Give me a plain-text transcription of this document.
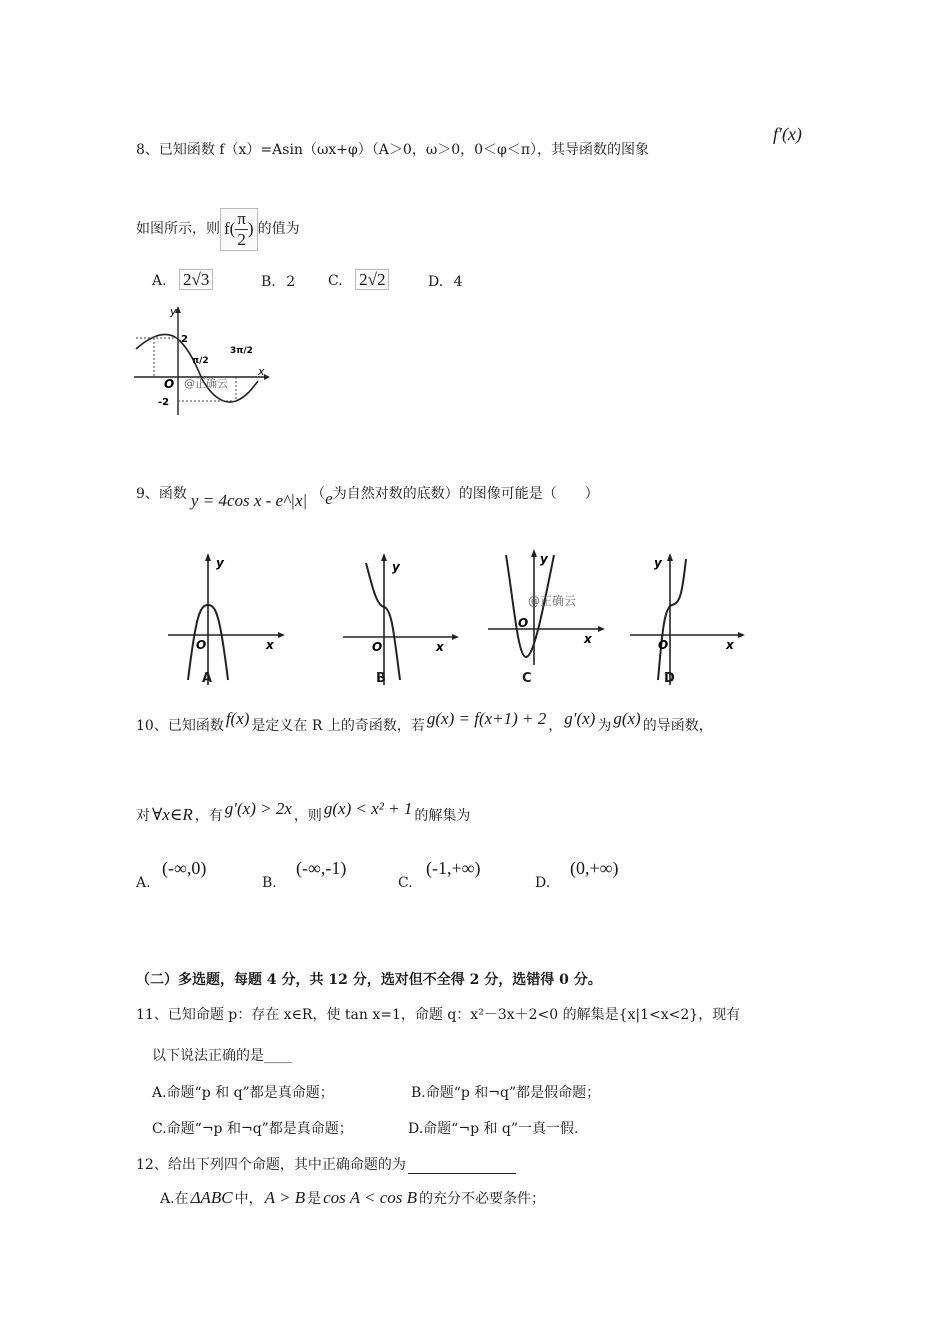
8、已知函数 f（x）=Asin（ωx+φ）（A＞0，ω＞0，0＜φ＜π），其导函数的图象
f′(x)
如图所示，则 $f( \frac{\pi}{2}$ ) 的值为
A. 2√3	B. 2 C. 2√2	D. 4
y
x
O
2
-2
π/2
3π/2
@正确云
9、函数 y = 4cos x - e^|x| （ e 为自然对数的底数）的图像可能是（　　）
y
x
O
A
y
x
O
B
y
x
O
@正确云
C
y
x
O
D
10、已知函数 f(x) 是定义在 R 上的奇函数，若 g(x) = f(x+1) + 2 ， g′(x) 为 g(x) 的导函数，
对 ∀x∈R ，有 g′(x) > 2x ，则 g(x) < x² + 1 的解集为
A.
(-∞,0)
B.
(-∞,-1)
C.
(-1,+∞)
D.
(0,+∞)
（二）多选题，每题 4 分，共 12 分，选对但不全得 2 分，选错得 0 分。
11、已知命题 p：存在 x∈R，使 tan x=1，命题 q：x²－3x＋2<0 的解集是{x|1<x<2}，现有
以下说法正确的是____
A.命题“p 和 q”都是真命题；	B.命题“p 和¬q”都是假命题；
C.命题“¬p 和¬q”都是真命题；	D.命题“¬p 和 q”一真一假.
12、给出下列四个命题，其中正确命题的为
A.在 ΔABC 中， A > B 是 cos A < cos B 的充分不必要条件；
